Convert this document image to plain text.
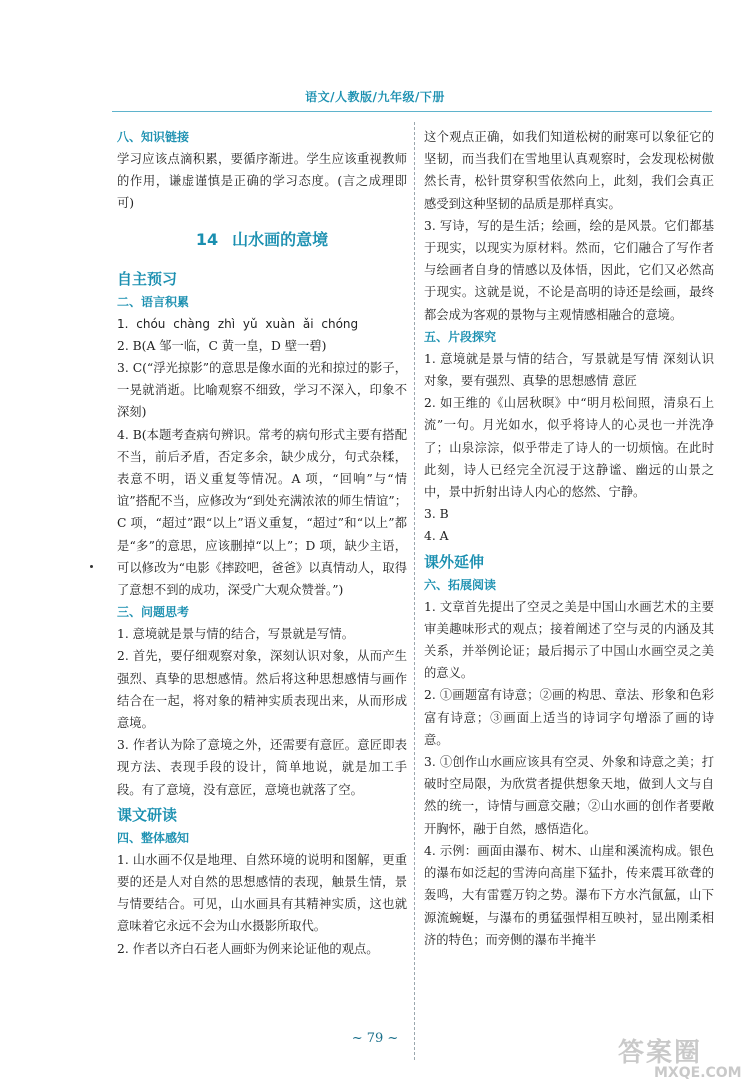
语文/人教版/九年级/下册
八、知识链接

学习应该点滴积累，要循序渐进。学生应该重视教师的作用，谦虚谨慎是正确的学习态度。(言之成理即可)

14 山水画的意境
自主预习
二、语言积累

1. chóu chàng zhì yǔ xuàn ǎi chóng

2. B(A 邹一临，C 黄一皇，D 壁一碧)

3. C(“浮光掠影”的意思是像水面的光和掠过的影子，一晃就消逝。比喻观察不细致，学习不深入，印象不深刻)

4. B(本题考查病句辨识。常考的病句形式主要有搭配不当，前后矛盾，否定多余，缺少成分，句式杂糅，表意不明，语义重复等情况。A 项，“回响”与“情谊”搭配不当，应修改为“到处充满浓浓的师生情谊”；C 项，“超过”跟“以上”语义重复，“超过”和“以上”都是“多”的意思，应该删掉“以上”；D 项，缺少主语，可以修改为“电影《摔跤吧，爸爸》以真情动人，取得了意想不到的成功，深受广大观众赞誉。”)

三、问题思考

1. 意境就是景与情的结合，写景就是写情。

2. 首先，要仔细观察对象，深刻认识对象，从而产生强烈、真挚的思想感情。然后将这种思想感情与画作结合在一起，将对象的精神实质表现出来，从而形成意境。

3. 作者认为除了意境之外，还需要有意匠。意匠即表现方法、表现手段的设计，简单地说，就是加工手段。有了意境，没有意匠，意境也就落了空。

课文研读
四、整体感知

1. 山水画不仅是地理、自然环境的说明和图解，更重要的还是人对自然的思想感情的表现，触景生情，景与情要结合。可见，山水画具有其精神实质，这也就意味着它永远不会为山水摄影所取代。

2. 作者以齐白石老人画虾为例来论证他的观点。

这个观点正确，如我们知道松树的耐寒可以象征它的坚韧，而当我们在雪地里认真观察时，会发现松树傲然长青，松针贯穿积雪依然向上，此刻，我们会真正感受到这种坚韧的品质是那样真实。

3. 写诗，写的是生活；绘画，绘的是风景。它们都基于现实，以现实为原材料。然而，它们融合了写作者与绘画者自身的情感以及体悟，因此，它们又必然高于现实。这就是说，不论是高明的诗还是绘画，最终都会成为客观的景物与主观情感相融合的意境。

五、片段探究

1. 意境就是景与情的结合，写景就是写情 深刻认识对象，要有强烈、真挚的思想感情 意匠

2. 如王维的《山居秋暝》中“明月松间照，清泉石上流”一句。月光如水，似乎将诗人的心灵也一并洗净了；山泉淙淙，似乎带走了诗人的一切烦恼。在此时此刻，诗人已经完全沉浸于这静谧、幽远的山景之中，景中折射出诗人内心的悠然、宁静。

3. B

4. A

课外延伸
六、拓展阅读

1. 文章首先提出了空灵之美是中国山水画艺术的主要审美趣味形式的观点；接着阐述了空与灵的内涵及其关系，并举例论证；最后揭示了中国山水画空灵之美的意义。

2. ①画题富有诗意；②画的构思、章法、形象和色彩富有诗意；③画面上适当的诗词字句增添了画的诗意。

3. ①创作山水画应该具有空灵、外象和诗意之美；打破时空局限，为欣赏者提供想象天地，做到人文与自然的统一，诗情与画意交融；②山水画的创作者要敞开胸怀，融于自然，感悟造化。

4. 示例：画面由瀑布、树木、山崖和溪流构成。银色的瀑布如泛起的雪涛向高崖下猛扑，传来震耳欲聋的轰鸣，大有雷霆万钧之势。瀑布下方水汽氤氲，山下源流蜿蜒，与瀑布的勇猛强悍相互映衬，显出刚柔相济的特色；而旁侧的瀑布半掩半

~ 79 ~	答案圈
MXQE.COM
